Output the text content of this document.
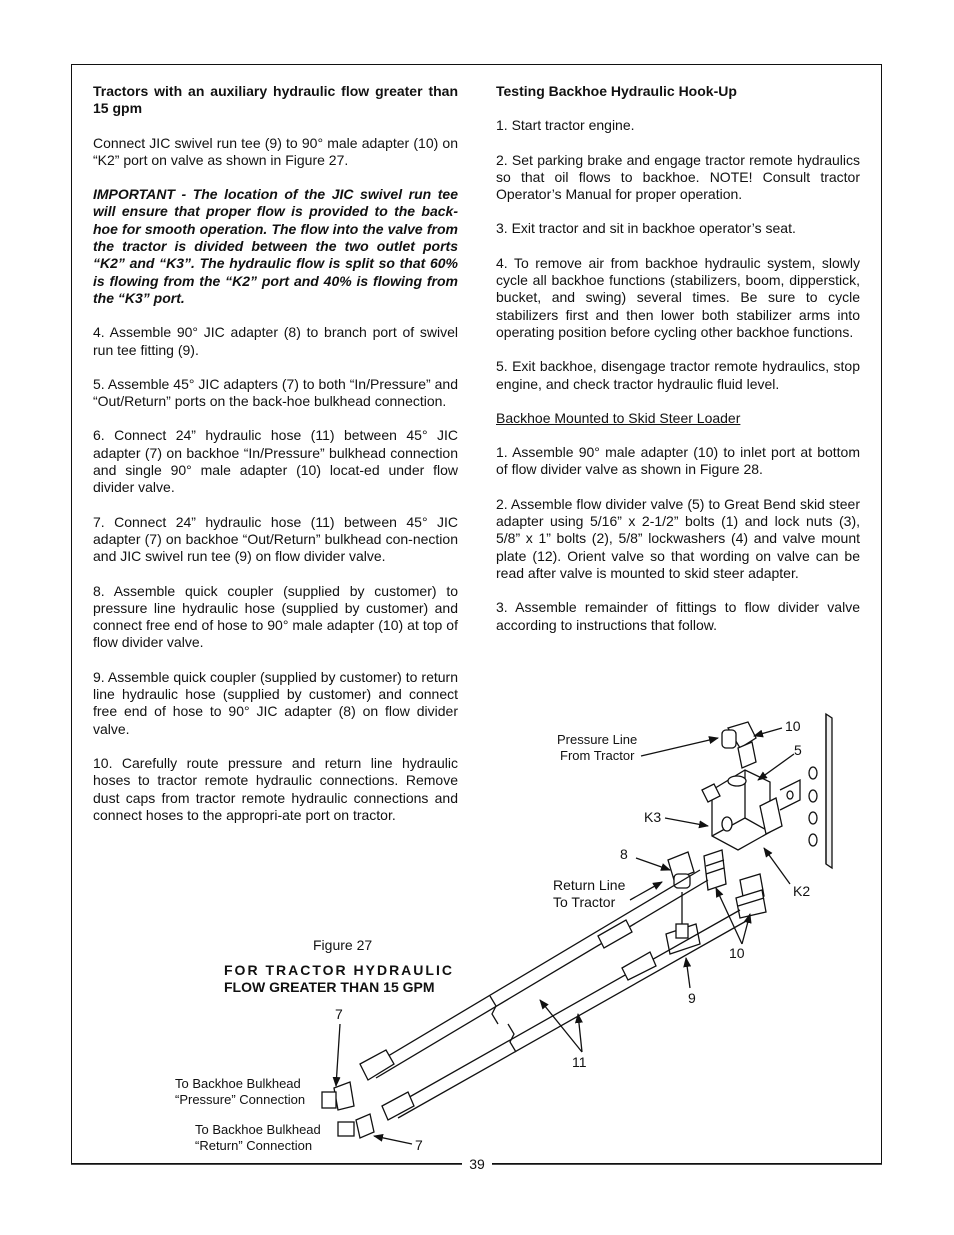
Tractors with an auxiliary hydraulic flow greater than 15 gpm

Connect JIC swivel run tee (9) to 90° male adapter (10) on “K2” port on valve as shown in Figure 27.

IMPORTANT - The location of the JIC swivel run tee will ensure that proper flow is provided to the back-hoe for smooth operation. The flow into the valve from the tractor is divided between the two outlet ports “K2” and “K3”. The hydraulic flow is split so that 60% is flowing from the “K2” port and 40% is flowing from the “K3” port.

4. Assemble 90° JIC adapter (8) to branch port of swivel run tee fitting (9).

5. Assemble 45° JIC adapters (7) to both “In/Pressure” and “Out/Return” ports on the back-hoe bulkhead connection.

6. Connect 24” hydraulic hose (11) between 45° JIC adapter (7) on backhoe “In/Pressure” bulkhead connection and single 90° male adapter (10) locat-ed under flow divider valve.

7. Connect 24” hydraulic hose (11) between 45° JIC adapter (7) on backhoe “Out/Return” bulkhead con-nection and JIC swivel run tee (9) on flow divider valve.

8. Assemble quick coupler (supplied by customer) to pressure line hydraulic hose (supplied by customer) and connect free end of hose to 90° male adapter (10) at top of flow divider valve.

9. Assemble quick coupler (supplied by customer) to return line hydraulic hose (supplied by customer) and connect free end of hose to 90° JIC adapter (8) on flow divider valve.

10. Carefully route pressure and return line hydraulic hoses to tractor remote hydraulic connections. Remove dust caps from tractor remote hydraulic connections and connect hoses to the appropri-ate port on tractor.

Testing Backhoe Hydraulic Hook-Up

1. Start tractor engine.

2. Set parking brake and engage tractor remote hydraulics so that oil flows to backhoe. NOTE! Consult tractor Operator’s Manual for proper operation.

3. Exit tractor and sit in backhoe operator’s seat.

4. To remove air from backhoe hydraulic system, slowly cycle all backhoe functions (stabilizers, boom, dipperstick, bucket, and swing) several times. Be sure to cycle stabilizers first and then lower both stabilizer arms into operating position before cycling other backhoe functions.

5. Exit backhoe, disengage tractor remote hydraulics, stop engine, and check tractor hydraulic fluid level.

Backhoe Mounted to Skid Steer Loader

1. Assemble 90° male adapter (10) to inlet port at bottom of flow divider valve as shown in Figure 28.

2. Assemble flow divider valve (5) to Great Bend skid steer adapter using 5/16” x 2-1/2” bolts (1) and lock nuts (3), 5/8” x 1” bolts (2), 5/8” lockwashers (4) and valve mount plate (12). Orient valve so that wording on valve can be read after valve is mounted to skid steer adapter.

3. Assemble remainder of fittings to flow divider valve according to instructions that follow.

Pressure Line
From Tractor
10
5
K3
8
Return Line
To Tractor
K2
10
9
11
7
7
To Backhoe Bulkhead
“Pressure” Connection
To Backhoe Bulkhead
“Return” Connection
Figure 27
FOR TRACTOR HYDRAULIC
FLOW GREATER THAN 15 GPM
39
